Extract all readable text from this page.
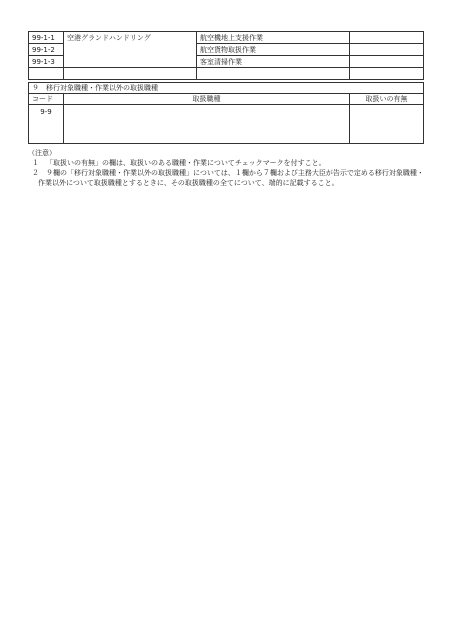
99-1-1	空港グランドハンドリング	航空機地上支援作業	
99-1-2		航空貨物取扱作業	
99-1-3		客室清掃作業	

９　移行対象職種・作業以外の取扱職種		
コード	取扱職種	取扱いの有無
9-9		
（注意）
１	「取扱いの有無」の欄は、取扱いのある職種・作業についてチェックマークを付すこと。
２	９欄の「移行対象職種・作業以外の取扱職種」については、１欄から７欄および主務大臣が告示で定める移行対象職種・作業以外について取扱職種とするときに、その取扱職種の全てについて、端的に記載すること。
